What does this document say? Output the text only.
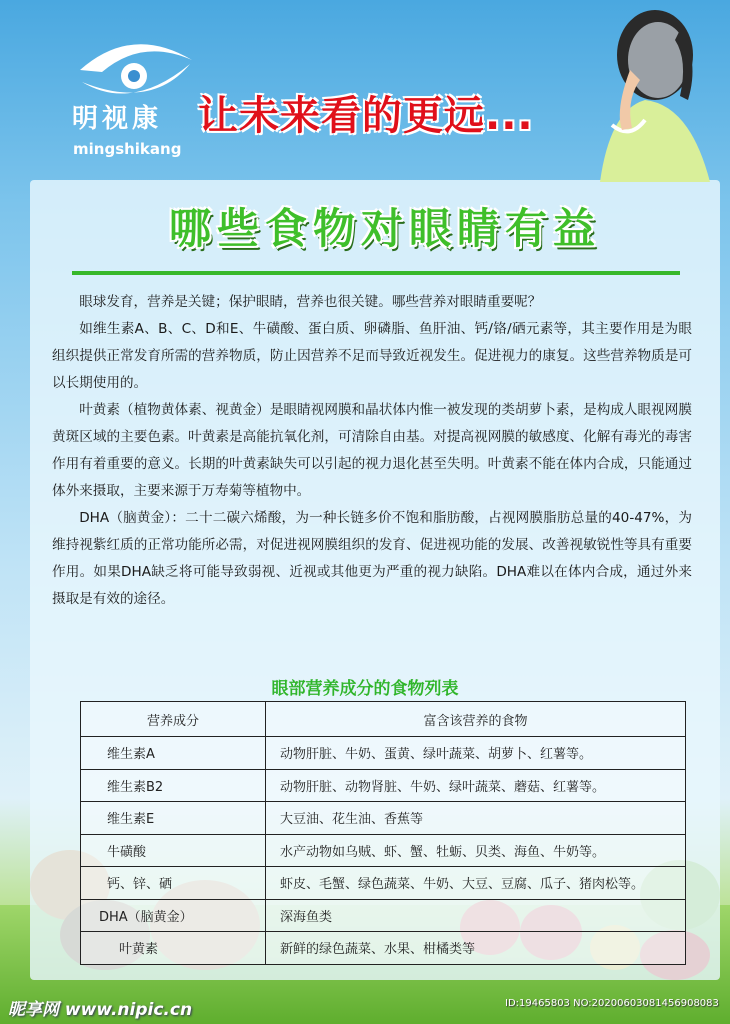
明视康
mingshikang
让未来看的更远...
哪些食物对眼睛有益

眼球发育，营养是关键；保护眼睛，营养也很关键。哪些营养对眼睛重要呢？

如维生素A、B、C、D和E、牛磺酸、蛋白质、卵磷脂、鱼肝油、钙/铬/硒元素等，其主要作用是为眼组织提供正常发育所需的营养物质，防止因营养不足而导致近视发生。促进视力的康复。这些营养物质是可以长期使用的。

叶黄素（植物黄体素、视黄金）是眼睛视网膜和晶状体内惟一被发现的类胡萝卜素，是构成人眼视网膜黄斑区域的主要色素。叶黄素是高能抗氧化剂，可清除自由基。对提高视网膜的敏感度、化解有毒光的毒害作用有着重要的意义。长期的叶黄素缺失可以引起的视力退化甚至失明。叶黄素不能在体内合成，只能通过体外来摄取，主要来源于万寿菊等植物中。

DHA（脑黄金）：二十二碳六烯酸，为一种长链多价不饱和脂肪酸，占视网膜脂肪总量的40-47%，为维持视紫红质的正常功能所必需，对促进视网膜组织的发育、促进视功能的发展、改善视敏锐性等具有重要作用。如果DHA缺乏将可能导致弱视、近视或其他更为严重的视力缺陷。DHA难以在体内合成，通过外来摄取是有效的途径。

眼部营养成分的食物列表
营养成分	富含该营养的食物
维生素A	动物肝脏、牛奶、蛋黄、绿叶蔬菜、胡萝卜、红薯等。
维生素B2	动物肝脏、动物肾脏、牛奶、绿叶蔬菜、蘑菇、红薯等。
维生素E	大豆油、花生油、香蕉等
牛磺酸	水产动物如乌贼、虾、蟹、牡蛎、贝类、海鱼、牛奶等。
钙、锌、硒	虾皮、毛蟹、绿色蔬菜、牛奶、大豆、豆腐、瓜子、猪肉松等。
DHA（脑黄金）	深海鱼类
叶黄素	新鲜的绿色蔬菜、水果、柑橘类等
昵享网 www.nipic.cn	ID:19465803 NO:20200603081456908083
